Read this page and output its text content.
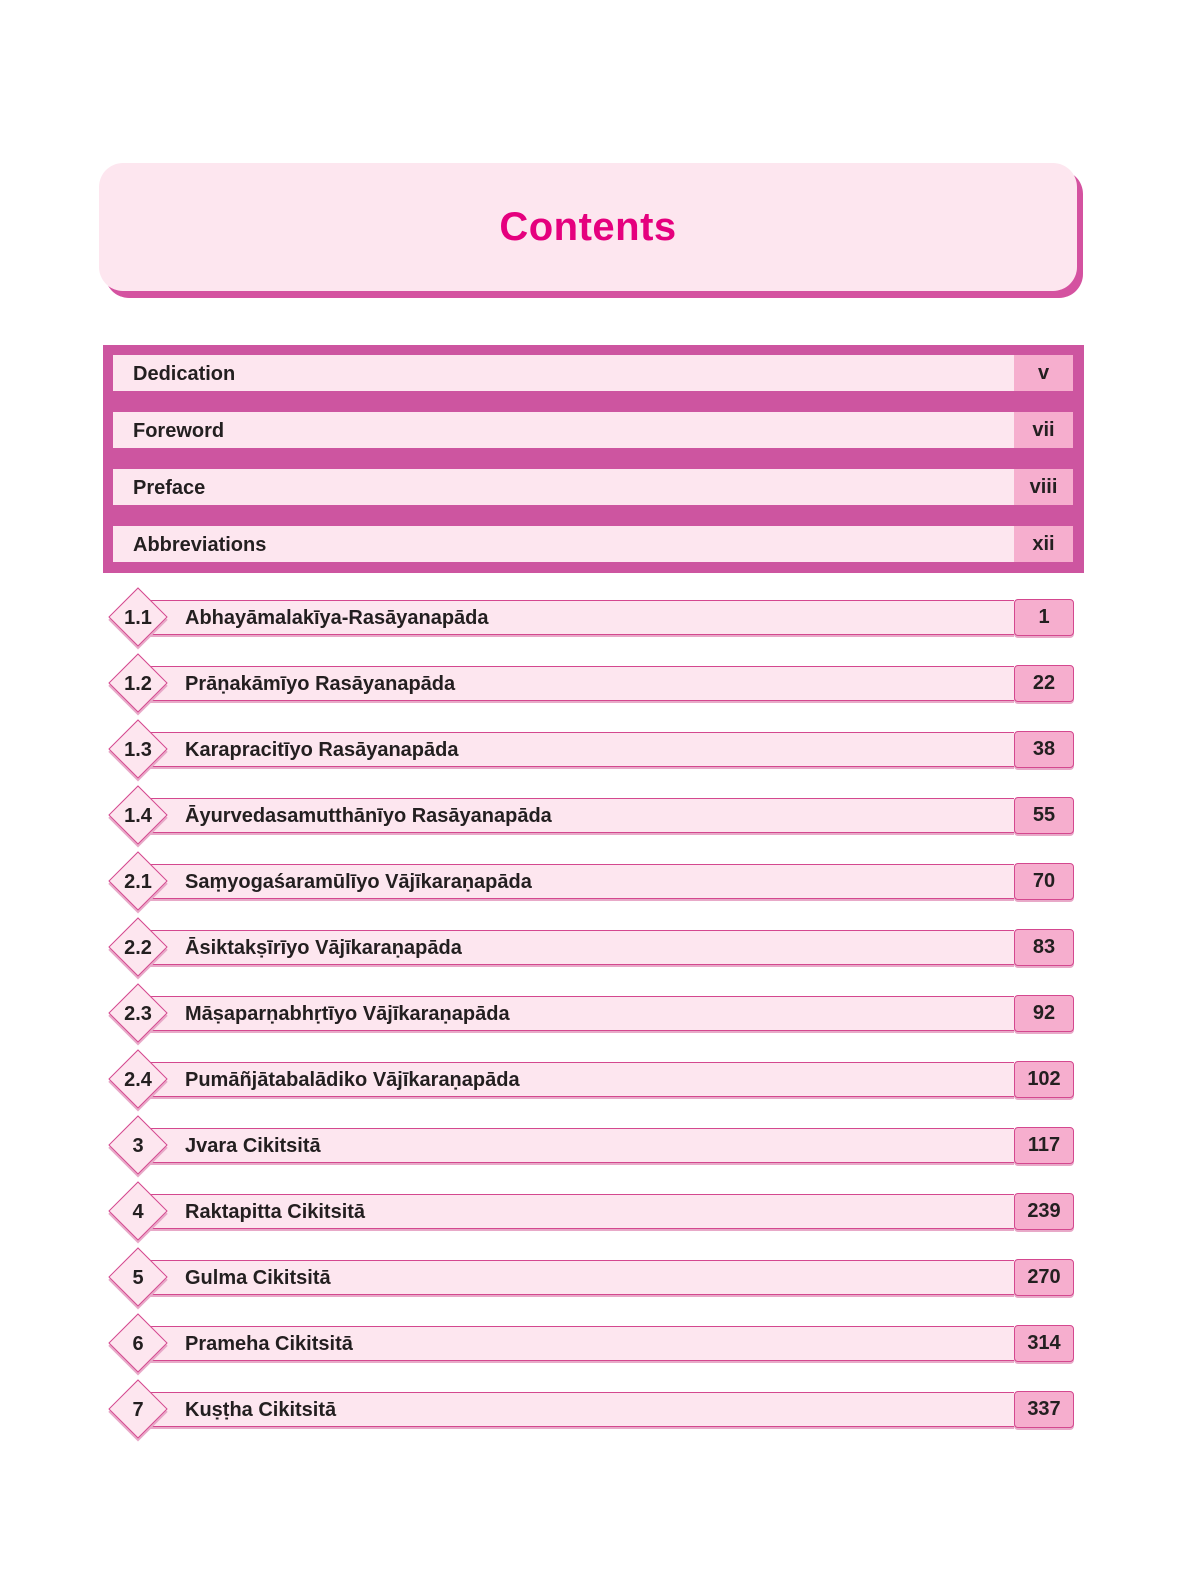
Contents
Dedication	v
Foreword	vii
Preface	viii
Abbreviations	xii
1.1	Abhayāmalakīya-Rasāyanapāda	1
1.2	Prāṇakāmīyo Rasāyanapāda	22
1.3	Karapracitīyo Rasāyanapāda	38
1.4	Āyurvedasamutthānīyo Rasāyanapāda	55
2.1	Saṃyogaśaramūlīyo Vājīkaraṇapāda	70
2.2	Āsiktakṣīrīyo Vājīkaraṇapāda	83
2.3	Māṣaparṇabhṛtīyo Vājīkaraṇapāda	92
2.4	Pumāñjātabalādiko Vājīkaraṇapāda	102
3	Jvara Cikitsitā	117
4	Raktapitta Cikitsitā	239
5	Gulma Cikitsitā	270
6	Prameha Cikitsitā	314
7	Kuṣṭha Cikitsitā	337
